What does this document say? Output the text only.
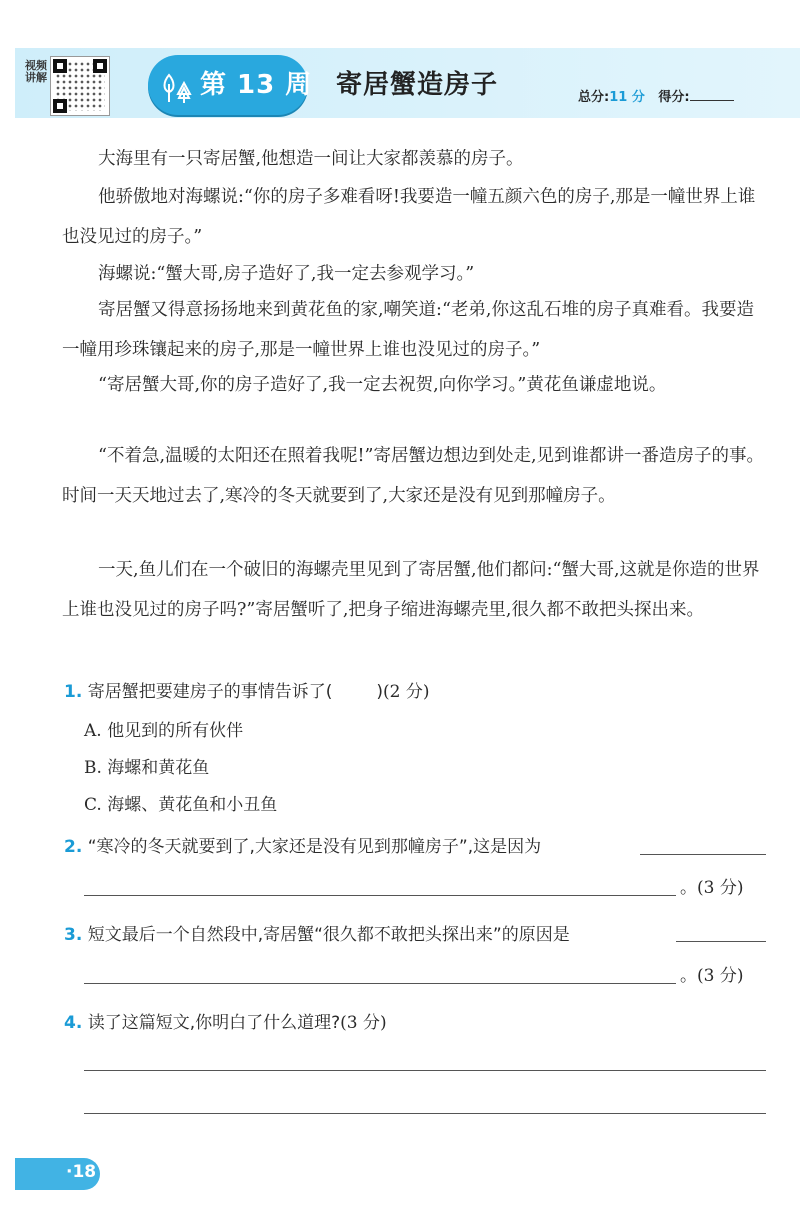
视频讲解	第 13 周 寄居蟹造房子	总分:11 分 得分:

大海里有一只寄居蟹,他想造一间让大家都羡慕的房子。

他骄傲地对海螺说:“你的房子多难看呀!我要造一幢五颜六色的房子,那是一幢世界上谁也没见过的房子。”

海螺说:“蟹大哥,房子造好了,我一定去参观学习。”

寄居蟹又得意扬扬地来到黄花鱼的家,嘲笑道:“老弟,你这乱石堆的房子真难看。我要造一幢用珍珠镶起来的房子,那是一幢世界上谁也没见过的房子。”

“寄居蟹大哥,你的房子造好了,我一定去祝贺,向你学习。”黄花鱼谦虚地说。

“不着急,温暖的太阳还在照着我呢!”寄居蟹边想边到处走,见到谁都讲一番造房子的事。时间一天天地过去了,寒冷的冬天就要到了,大家还是没有见到那幢房子。

一天,鱼儿们在一个破旧的海螺壳里见到了寄居蟹,他们都问:“蟹大哥,这就是你造的世界上谁也没见过的房子吗?”寄居蟹听了,把身子缩进海螺壳里,很久都不敢把头探出来。

1. 寄居蟹把要建房子的事情告诉了(	)(2 分)
A. 他见到的所有伙伴
B. 海螺和黄花鱼
C. 海螺、黄花鱼和小丑鱼
2. “寒冷的冬天就要到了,大家还是没有见到那幢房子”,这是因为
。(3 分)
3. 短文最后一个自然段中,寄居蟹“很久都不敢把头探出来”的原因是
。(3 分)
4. 读了这篇短文,你明白了什么道理?(3 分)
·18
